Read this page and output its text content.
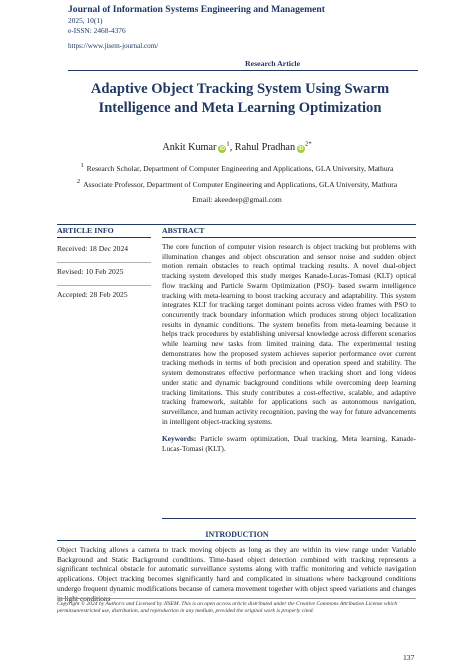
Journal of Information Systems Engineering and Management
2025, 10(1)
e-ISSN: 2468-4376
https://www.jisem-journal.com/
Research Article
Adaptive Object Tracking System Using Swarm Intelligence and Meta Learning Optimization
Ankit Kumar $iD^1$, Rahul Pradhan $iD^{2*}$
$^1$ Research Scholar, Department of Computer Engineering and Applications, GLA University, Mathura
$^2$ Associate Professor, Department of Computer Engineering and Applications, GLA University, Mathura
Email: akeedeep@gmail.com
ARTICLE INFO
Received: 18 Dec 2024
Revised: 10 Feb 2025
Accepted: 28 Feb 2025
ABSTRACT
The core function of computer vision research is object tracking but problems with illumination changes and object obscuration and sensor noise and sudden object motion remain obstacles to reach optimal tracking results. A novel dual-object tracking system developed this study merges Kanade-Lucas-Tomasi (KLT) optical flow tracking and Particle Swarm Optimization (PSO)- based swarm intelligence tracking with meta-learning to boost tracking accuracy and adaptability. This system integrates KLT for tracking target dominant points across video frames with PSO to concurrently track boundary information which produces strong object localization results in dynamic conditions. The system benefits from meta-learning because it helps track procedures by establishing universal knowledge across different scenarios while learning new tasks from limited training data. The experimental testing demonstrates how the proposed system achieves superior performance over current tracking methods in terms of both precision and operation speed and stability. The system demonstrates effective performance when tracking short and long videos under static and dynamic background conditions while overcoming deep learning tracking limitations. This study contributes a cost-effective, scalable, and adaptive tracking framework, suitable for applications such as autonomous navigation, surveillance, and human activity recognition, paving the way for future advancements in intelligent object-tracking systems.
Keywords: Particle swarm optimization, Dual tracking, Meta learning, Kanade-Lucas-Tomasi (KLT).
INTRODUCTION
Object Tracking allows a camera to track moving objects as long as they are within its view range under Variable Background and Static Background conditions. Time-based object detection combined with tracking represents a significant technical obstacle for automatic surveillance systems along with traffic monitoring and vehicle navigation applications. Object tracking becomes significantly hard and complicated in situations where background conditions undergo frequent dynamic modifications because of camera movement together with object speed variations and changes in light conditions
Copyright © 2024 by Author/s and Licensed by JISEM. This is an open access article distributed under the Creative Commons Attribution License which permitsunrestricted use, distribution, and reproduction in any medium, provided the original work is properly cited.
137
